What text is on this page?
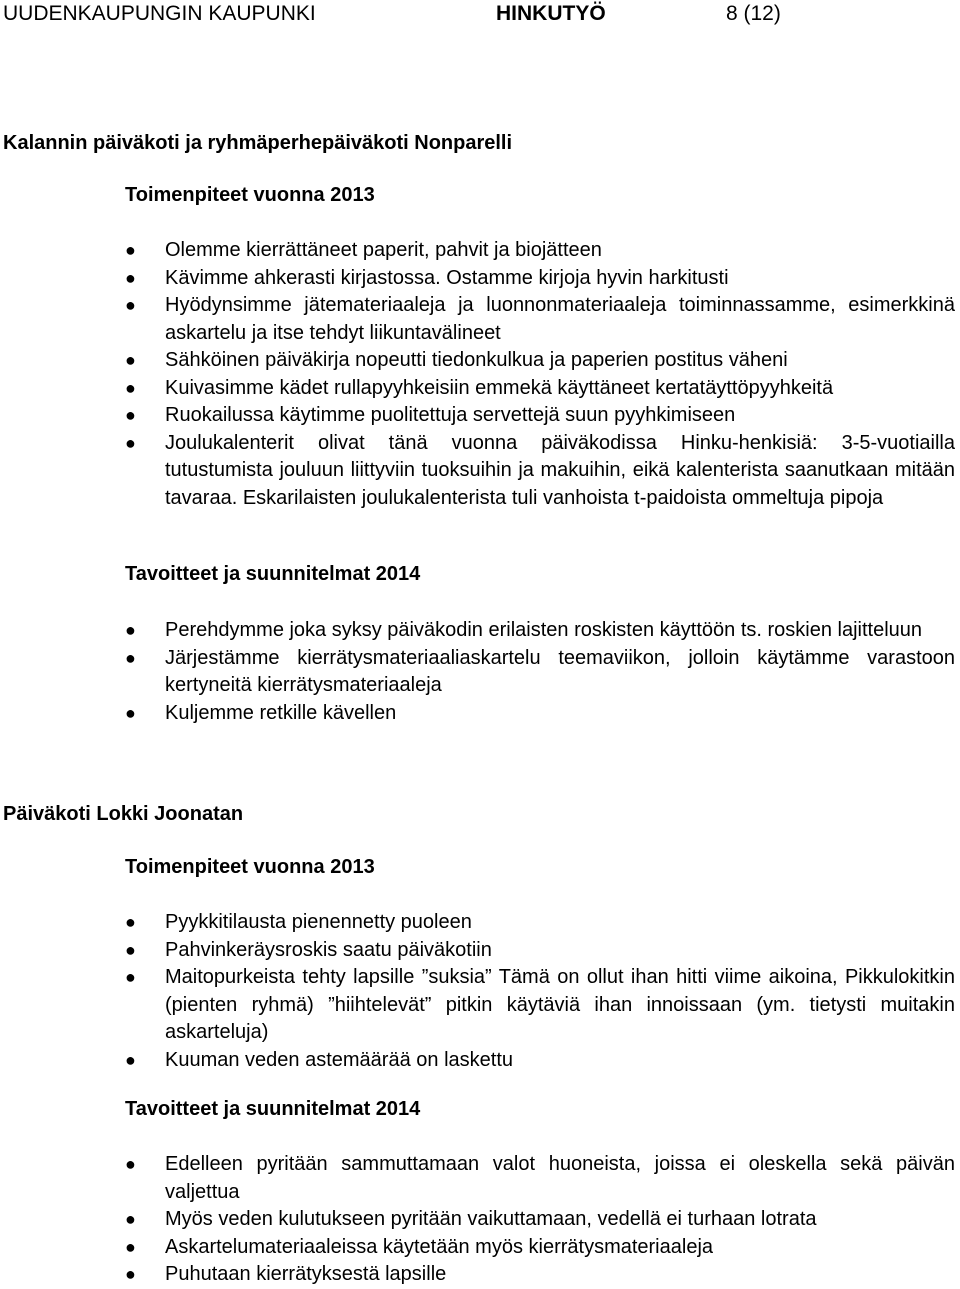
UUDENKAUPUNGIN KAUPUNKI	HINKUTYÖ	8 (12)
Kalannin päiväkoti ja ryhmäperhepäiväkoti Nonparelli
Toimenpiteet vuonna 2013
● Olemme kierrättäneet paperit, pahvit ja biojätteen
● Kävimme ahkerasti kirjastossa. Ostamme kirjoja hyvin harkitusti
● Hyödynsimme jätemateriaaleja ja luonnonmateriaaleja toiminnassamme, esimerkkinä askartelu ja itse tehdyt liikuntavälineet
● Sähköinen päiväkirja nopeutti tiedonkulkua ja paperien postitus väheni
● Kuivasimme kädet rullapyyhkeisiin emmekä käyttäneet kertatäyttöpyyhkeitä
● Ruokailussa käytimme puolitettuja servettejä suun pyyhkimiseen
● Joulukalenterit olivat tänä vuonna päiväkodissa Hinku-henkisiä: 3-5-vuotiailla tutustumista jouluun liittyviin tuoksuihin ja makuihin, eikä kalenterista saanutkaan mitään tavaraa. Eskarilaisten joulukalenterista tuli vanhoista t-paidoista ommeltuja pipoja
Tavoitteet ja suunnitelmat 2014
● Perehdymme joka syksy päiväkodin erilaisten roskisten käyttöön ts. roskien lajitteluun
● Järjestämme kierrätysmateriaaliaskartelu teemaviikon, jolloin käytämme varastoon kertyneitä kierrätysmateriaaleja
● Kuljemme retkille kävellen
Päiväkoti Lokki Joonatan
Toimenpiteet vuonna 2013
● Pyykkitilausta pienennetty puoleen
● Pahvinkeräysroskis saatu päiväkotiin
● Maitopurkeista tehty lapsille ”suksia” Tämä on ollut ihan hitti viime aikoina, Pikkulokitkin (pienten ryhmä) ”hiihtelevät” pitkin käytäviä ihan innoissaan (ym. tietysti muitakin askarteluja)
● Kuuman veden astemäärää on laskettu
Tavoitteet ja suunnitelmat 2014
● Edelleen pyritään sammuttamaan valot huoneista, joissa ei oleskella sekä päivän valjettua
● Myös veden kulutukseen pyritään vaikuttamaan, vedellä ei turhaan lotrata
● Askartelumateriaaleissa käytetään myös kierrätysmateriaaleja
● Puhutaan kierrätyksestä lapsille
